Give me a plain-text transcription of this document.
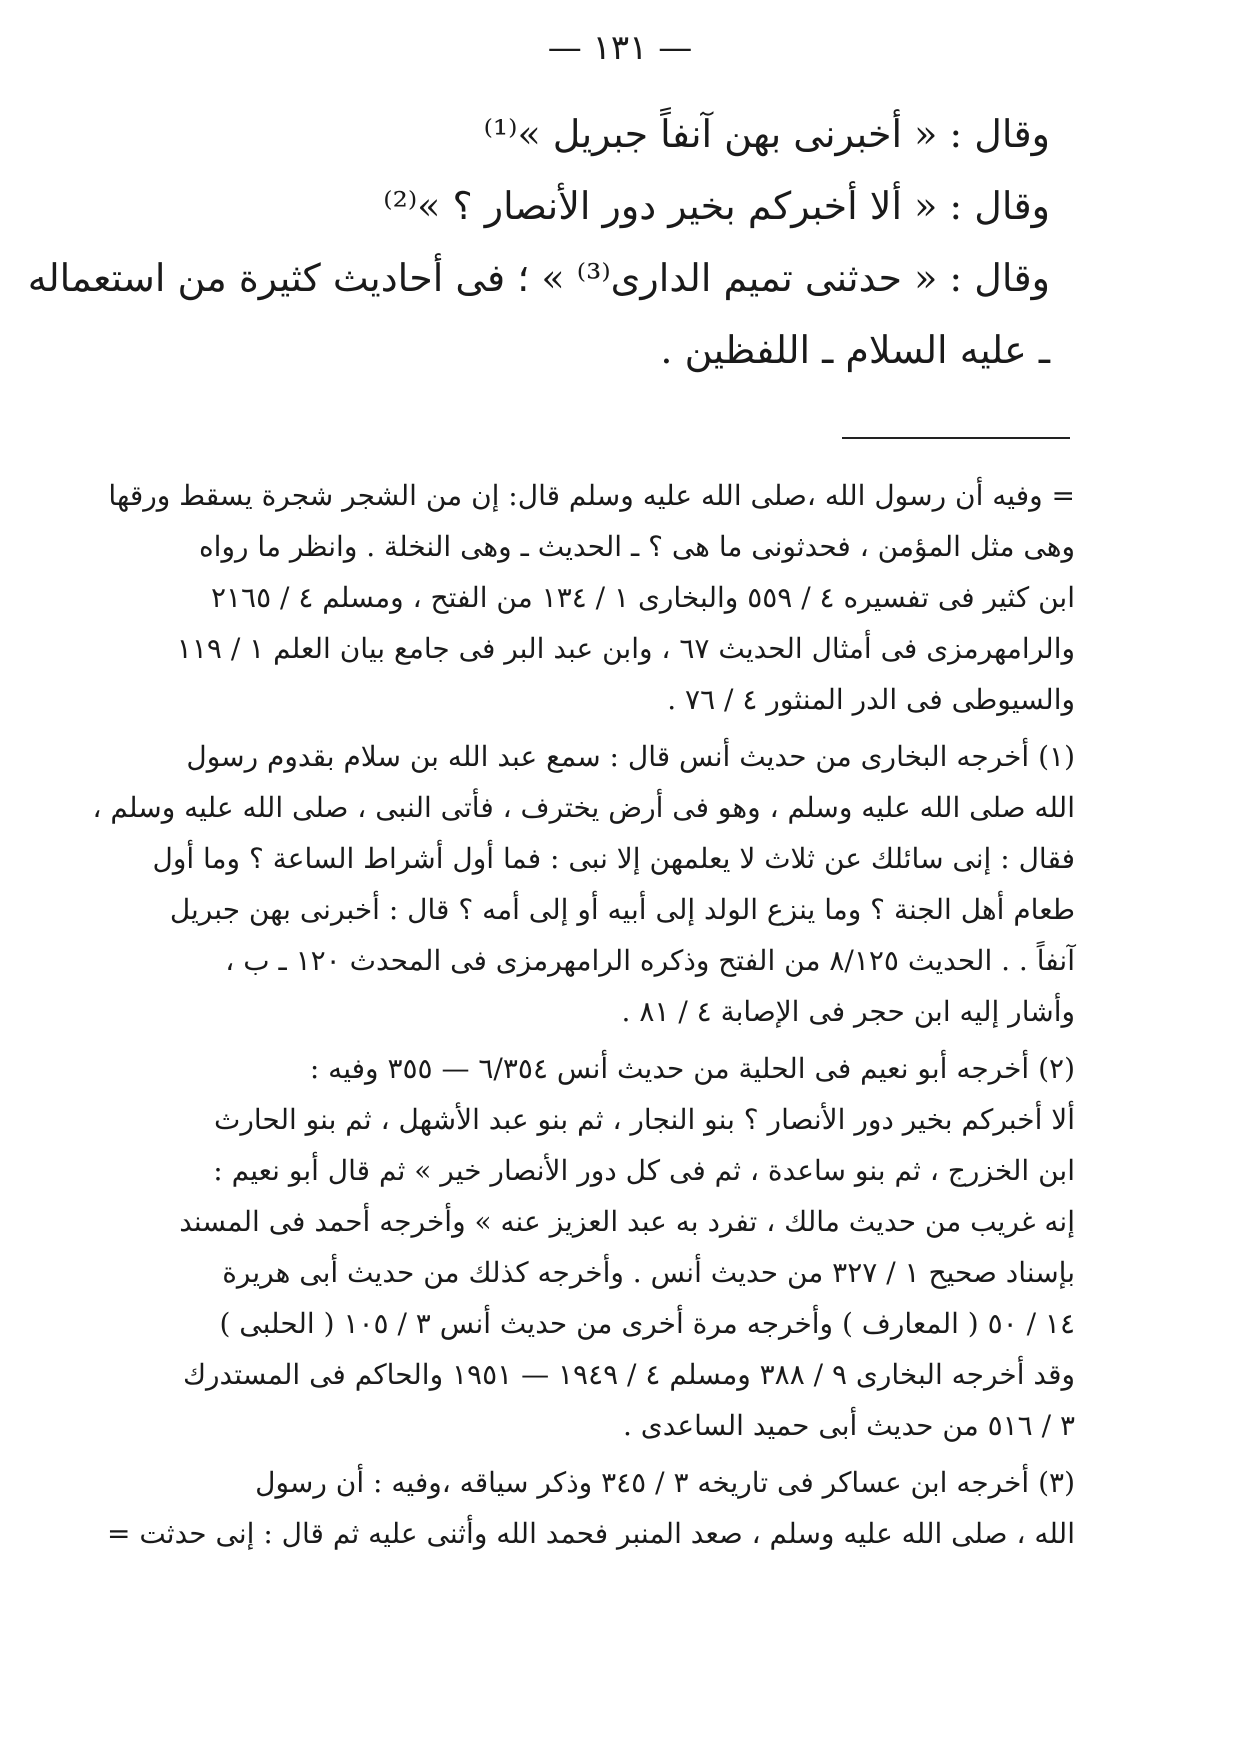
— ١٣١ —
وقال : « أخبرنى بهن آنفاً جبريل »⁽¹⁾
وقال : « ألا أخبركم بخير دور الأنصار ؟ »⁽²⁾
وقال : « حدثنى تميم الدارى⁽³⁾ » ؛ فى أحاديث كثيرة من استعماله
ـ عليه السلام ـ اللفظين .
= وفيه أن رسول الله ،صلى الله عليه وسلم قال: إن من الشجر شجرة يسقط ورقها
وهى مثل المؤمن ، فحدثونى ما هى ؟ ـ الحديث ـ وهى النخلة . وانظر ما رواه
ابن كثير فى تفسيره ٤ / ٥٥٩ والبخارى ١ / ١٣٤ من الفتح ، ومسلم ٤ / ٢١٦٥
والرامهرمزى فى أمثال الحديث ٦٧ ، وابن عبد البر فى جامع بيان العلم ١ / ١١٩
والسيوطى فى الدر المنثور ٤ / ٧٦ .
(١) أخرجه البخارى من حديث أنس قال : سمع عبد الله بن سلام بقدوم رسول
الله صلى الله عليه وسلم ، وهو فى أرض يخترف ، فأتى النبى ، صلى الله عليه وسلم ،
فقال : إنى سائلك عن ثلاث لا يعلمهن إلا نبى : فما أول أشراط الساعة ؟ وما أول
طعام أهل الجنة ؟ وما ينزع الولد إلى أبيه أو إلى أمه ؟ قال : أخبرنى بهن جبريل
آنفاً . . الحديث ٨/١٢٥ من الفتح وذكره الرامهرمزى فى المحدث ١٢٠ ـ ب ،
وأشار إليه ابن حجر فى الإصابة ٤ / ٨١ .
(٢) أخرجه أبو نعيم فى الحلية من حديث أنس ٦/٣٥٤ — ٣٥٥ وفيه :
ألا أخبركم بخير دور الأنصار ؟ بنو النجار ، ثم بنو عبد الأشهل ، ثم بنو الحارث
ابن الخزرج ، ثم بنو ساعدة ، ثم فى كل دور الأنصار خير » ثم قال أبو نعيم :
إنه غريب من حديث مالك ، تفرد به عبد العزيز عنه » وأخرجه أحمد فى المسند
بإسناد صحيح ١ / ٣٢٧ من حديث أنس . وأخرجه كذلك من حديث أبى هريرة
١٤ / ٥٠ ( المعارف ) وأخرجه مرة أخرى من حديث أنس ٣ / ١٠٥ ( الحلبى )
وقد أخرجه البخارى ٩ / ٣٨٨ ومسلم ٤ / ١٩٤٩ — ١٩٥١ والحاكم فى المستدرك
٣ / ٥١٦ من حديث أبى حميد الساعدى .
(٣) أخرجه ابن عساكر فى تاريخه ٣ / ٣٤٥ وذكر سياقه ،وفيه : أن رسول
الله ، صلى الله عليه وسلم ، صعد المنبر فحمد الله وأثنى عليه ثم قال : إنى حدثت =
